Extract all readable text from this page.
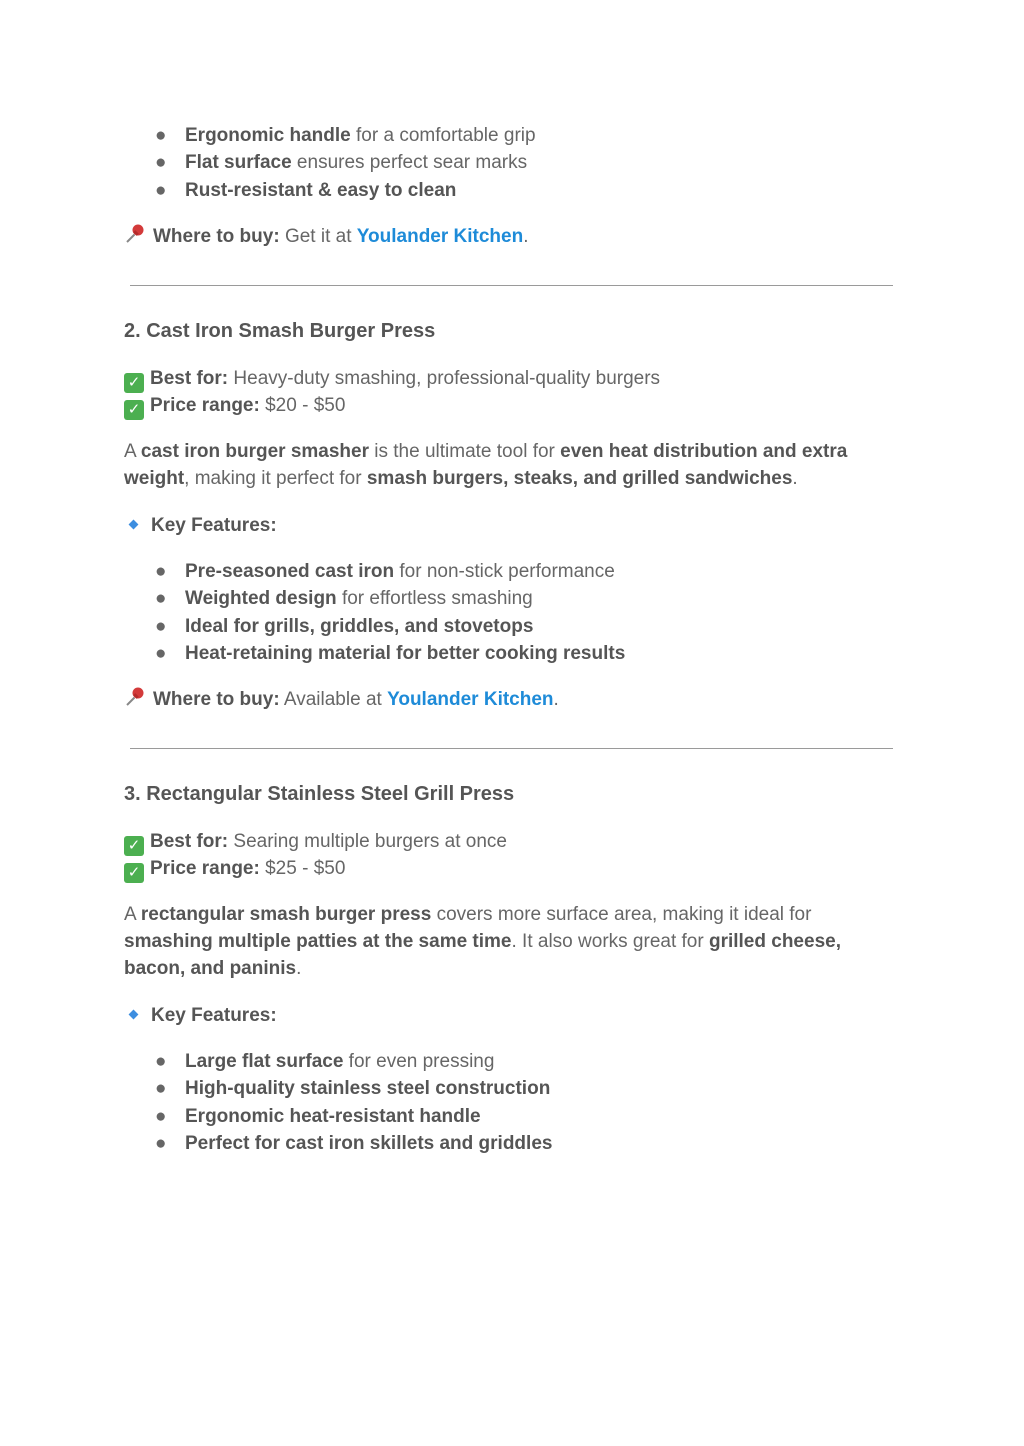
● Ergonomic handle for a comfortable grip
● Flat surface ensures perfect sear marks
● Rust-resistant & easy to clean
Where to buy: Get it at Youlander Kitchen.
2. Cast Iron Smash Burger Press
✓ Best for: Heavy-duty smashing, professional-quality burgers
✓ Price range: $20 - $50

A cast iron burger smasher is the ultimate tool for even heat distribution and extra weight, making it perfect for smash burgers, steaks, and grilled sandwiches.

Key Features:
● Pre-seasoned cast iron for non-stick performance
● Weighted design for effortless smashing
● Ideal for grills, griddles, and stovetops
● Heat-retaining material for better cooking results
Where to buy: Available at Youlander Kitchen.
3. Rectangular Stainless Steel Grill Press
✓ Best for: Searing multiple burgers at once
✓ Price range: $25 - $50

A rectangular smash burger press covers more surface area, making it ideal for smashing multiple patties at the same time. It also works great for grilled cheese, bacon, and paninis.

Key Features:
● Large flat surface for even pressing
● High-quality stainless steel construction
● Ergonomic heat-resistant handle
● Perfect for cast iron skillets and griddles
